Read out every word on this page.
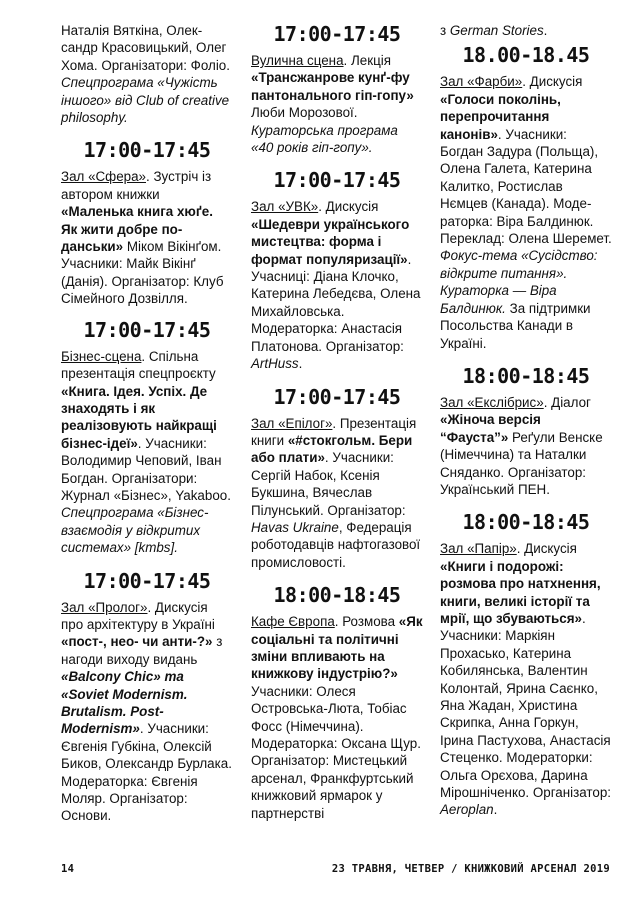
Наталія Вяткіна, Олександр Красовицький, Олег Хома. Організатори: Фоліо. Спецпрограма «Чужість іншого» від Club of creative philosophy.
17:00-17:45
Зал «Сфера». Зустріч із автором книжки «Маленька книга хюґе. Як жити добре по-данськи» Міком Вікінґом. Учасники: Майк Вікінґ (Данія). Організатор: Клуб Сімейного Дозвілля.
17:00-17:45
Бізнес-сцена. Спільна презентація спецпроєкту «Книга. Ідея. Успіх. Де знаходять і як реалізовують найкращі бізнес-ідеї». Учасники: Володимир Чеповий, Іван Богдан. Організатори: Журнал «Бізнес», Yakaboo. Спецпрограма «Бізнес-взаємодія у відкритих системах» [kmbs].
17:00-17:45
Зал «Пролог». Дискусія про архітектуру в Україні «пост-, нео- чи анти-?» з нагоди виходу видань «Balcony Chic» та «Soviet Modernism. Brutalism. Post-Modernism». Учасники: Євгенія Губкіна, Олексій Биков, Олександр Бурлака. Модераторка: Євгенія Моляр. Організатор: Основи.
17:00-17:45
Вулична сцена. Лекція «Трансжанрове кунґ-фу пантонального гіп-гопу» Люби Морозової. Кураторська програма «40 років гіп-гопу».
17:00-17:45
Зал «УВК». Дискусія «Шедеври українського мистецтва: форма і формат популяризації». Учасниці: Діана Клочко, Катерина Лебедєва, Олена Михайловська. Модераторка: Анастасія Платонова. Організатор: ArtHuss.
17:00-17:45
Зал «Епілог». Презентація книги «#стокгольм. Бери або плати». Учасники: Сергій Набок, Ксенія Букшина, Вячеслав Пілунський. Організатор: Havas Ukraine, Федерація роботодавців нафтогазової промисловості.
18:00-18:45
Кафе Європа. Розмова «Як соціальні та політичні зміни впливають на книжкову індустрію?» Учасники: Олеся Островська-Люта, Тобіас Фосс (Німеччина). Модераторка: Оксана Щур. Організатор: Мистецький арсенал, Франкфуртський книжковий ярмарок у партнерстві
з German Stories.
18.00-18.45
Зал «Фарби». Дискусія «Голоси поколінь, перепрочитання канонів». Учасники: Богдан Задура (Польща), Олена Галета, Катерина Калитко, Ростислав Нємцев (Канада). Модераторка: Віра Балдинюк. Переклад: Олена Шеремет. Фокус-тема «Сусідство: відкрите питання». Кураторка — Віра Балдинюк. За підтримки Посольства Канади в Україні.
18:00-18:45
Зал «Екслібрис». Діалог «Жіноча версія “Фауста”» Реґули Венске (Німеччина) та Наталки Сняданко. Організатор: Український ПЕН.
18:00-18:45
Зал «Папір». Дискусія «Книги і подорожі: розмова про натхнення, книги, великі історії та мрії, що збуваються». Учасники: Маркіян Прохасько, Катерина Кобилянська, Валентин Колонтай, Ярина Саєнко, Яна Жадан, Христина Скрипка, Анна Горкун, Ірина Пастухова, Анастасія Стеценко. Модераторки: Ольга Орєхова, Дарина Мірошніченко. Організатор: Aeroplan.
14	23 ТРАВНЯ, ЧЕТВЕР / КНИЖКОВИЙ АРСЕНАЛ 2019
